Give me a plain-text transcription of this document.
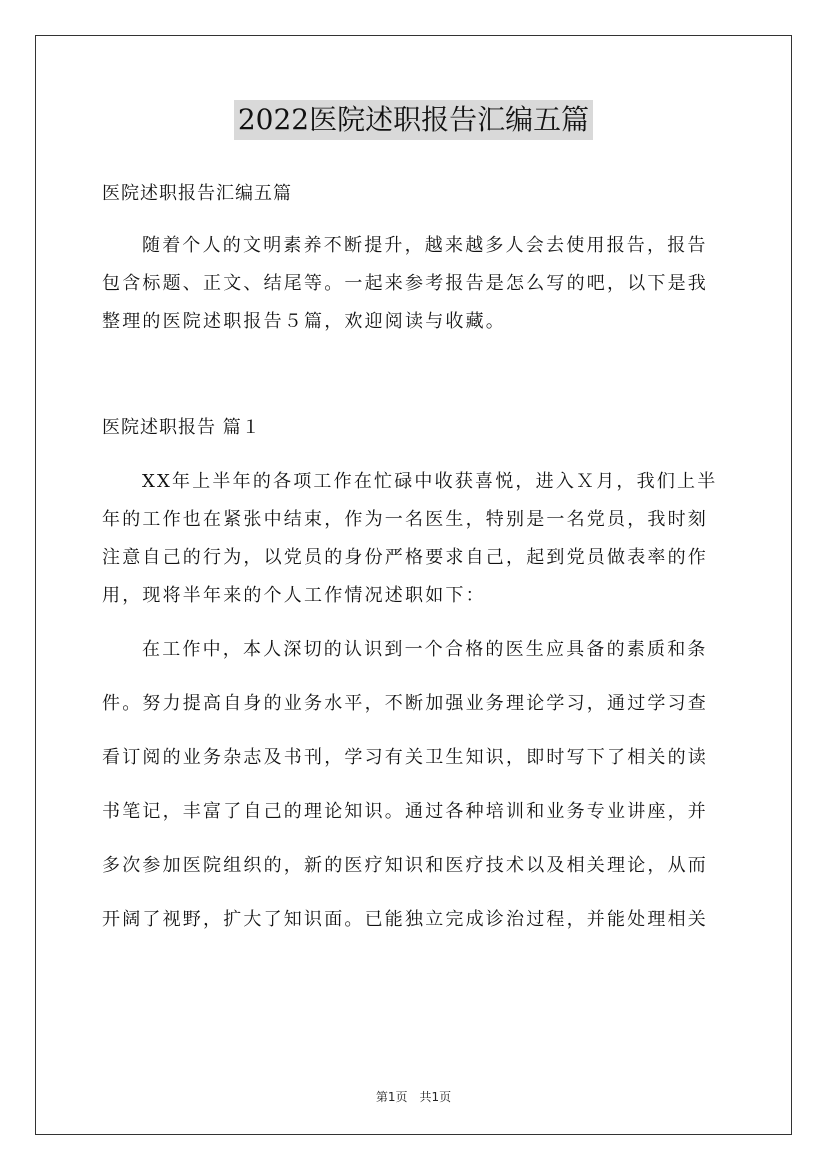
2022医院述职报告汇编五篇
医院述职报告汇编五篇
随着个人的文明素养不断提升，越来越多人会去使用报告，报告
包含标题、正文、结尾等。一起来参考报告是怎么写的吧，以下是我
整理的医院述职报告５篇，欢迎阅读与收藏。
医院述职报告 篇１
XX年上半年的各项工作在忙碌中收获喜悦，进入Ｘ月，我们上半
年的工作也在紧张中结束，作为一名医生，特别是一名党员，我时刻
注意自己的行为，以党员的身份严格要求自己，起到党员做表率的作
用，现将半年来的个人工作情况述职如下：
在工作中，本人深切的认识到一个合格的医生应具备的素质和条
件。努力提高自身的业务水平，不断加强业务理论学习，通过学习查
看订阅的业务杂志及书刊，学习有关卫生知识，即时写下了相关的读
书笔记，丰富了自己的理论知识。通过各种培训和业务专业讲座，并
多次参加医院组织的，新的医疗知识和医疗技术以及相关理论，从而
开阔了视野，扩大了知识面。已能独立完成诊治过程，并能处理相关
第1页　共1页
